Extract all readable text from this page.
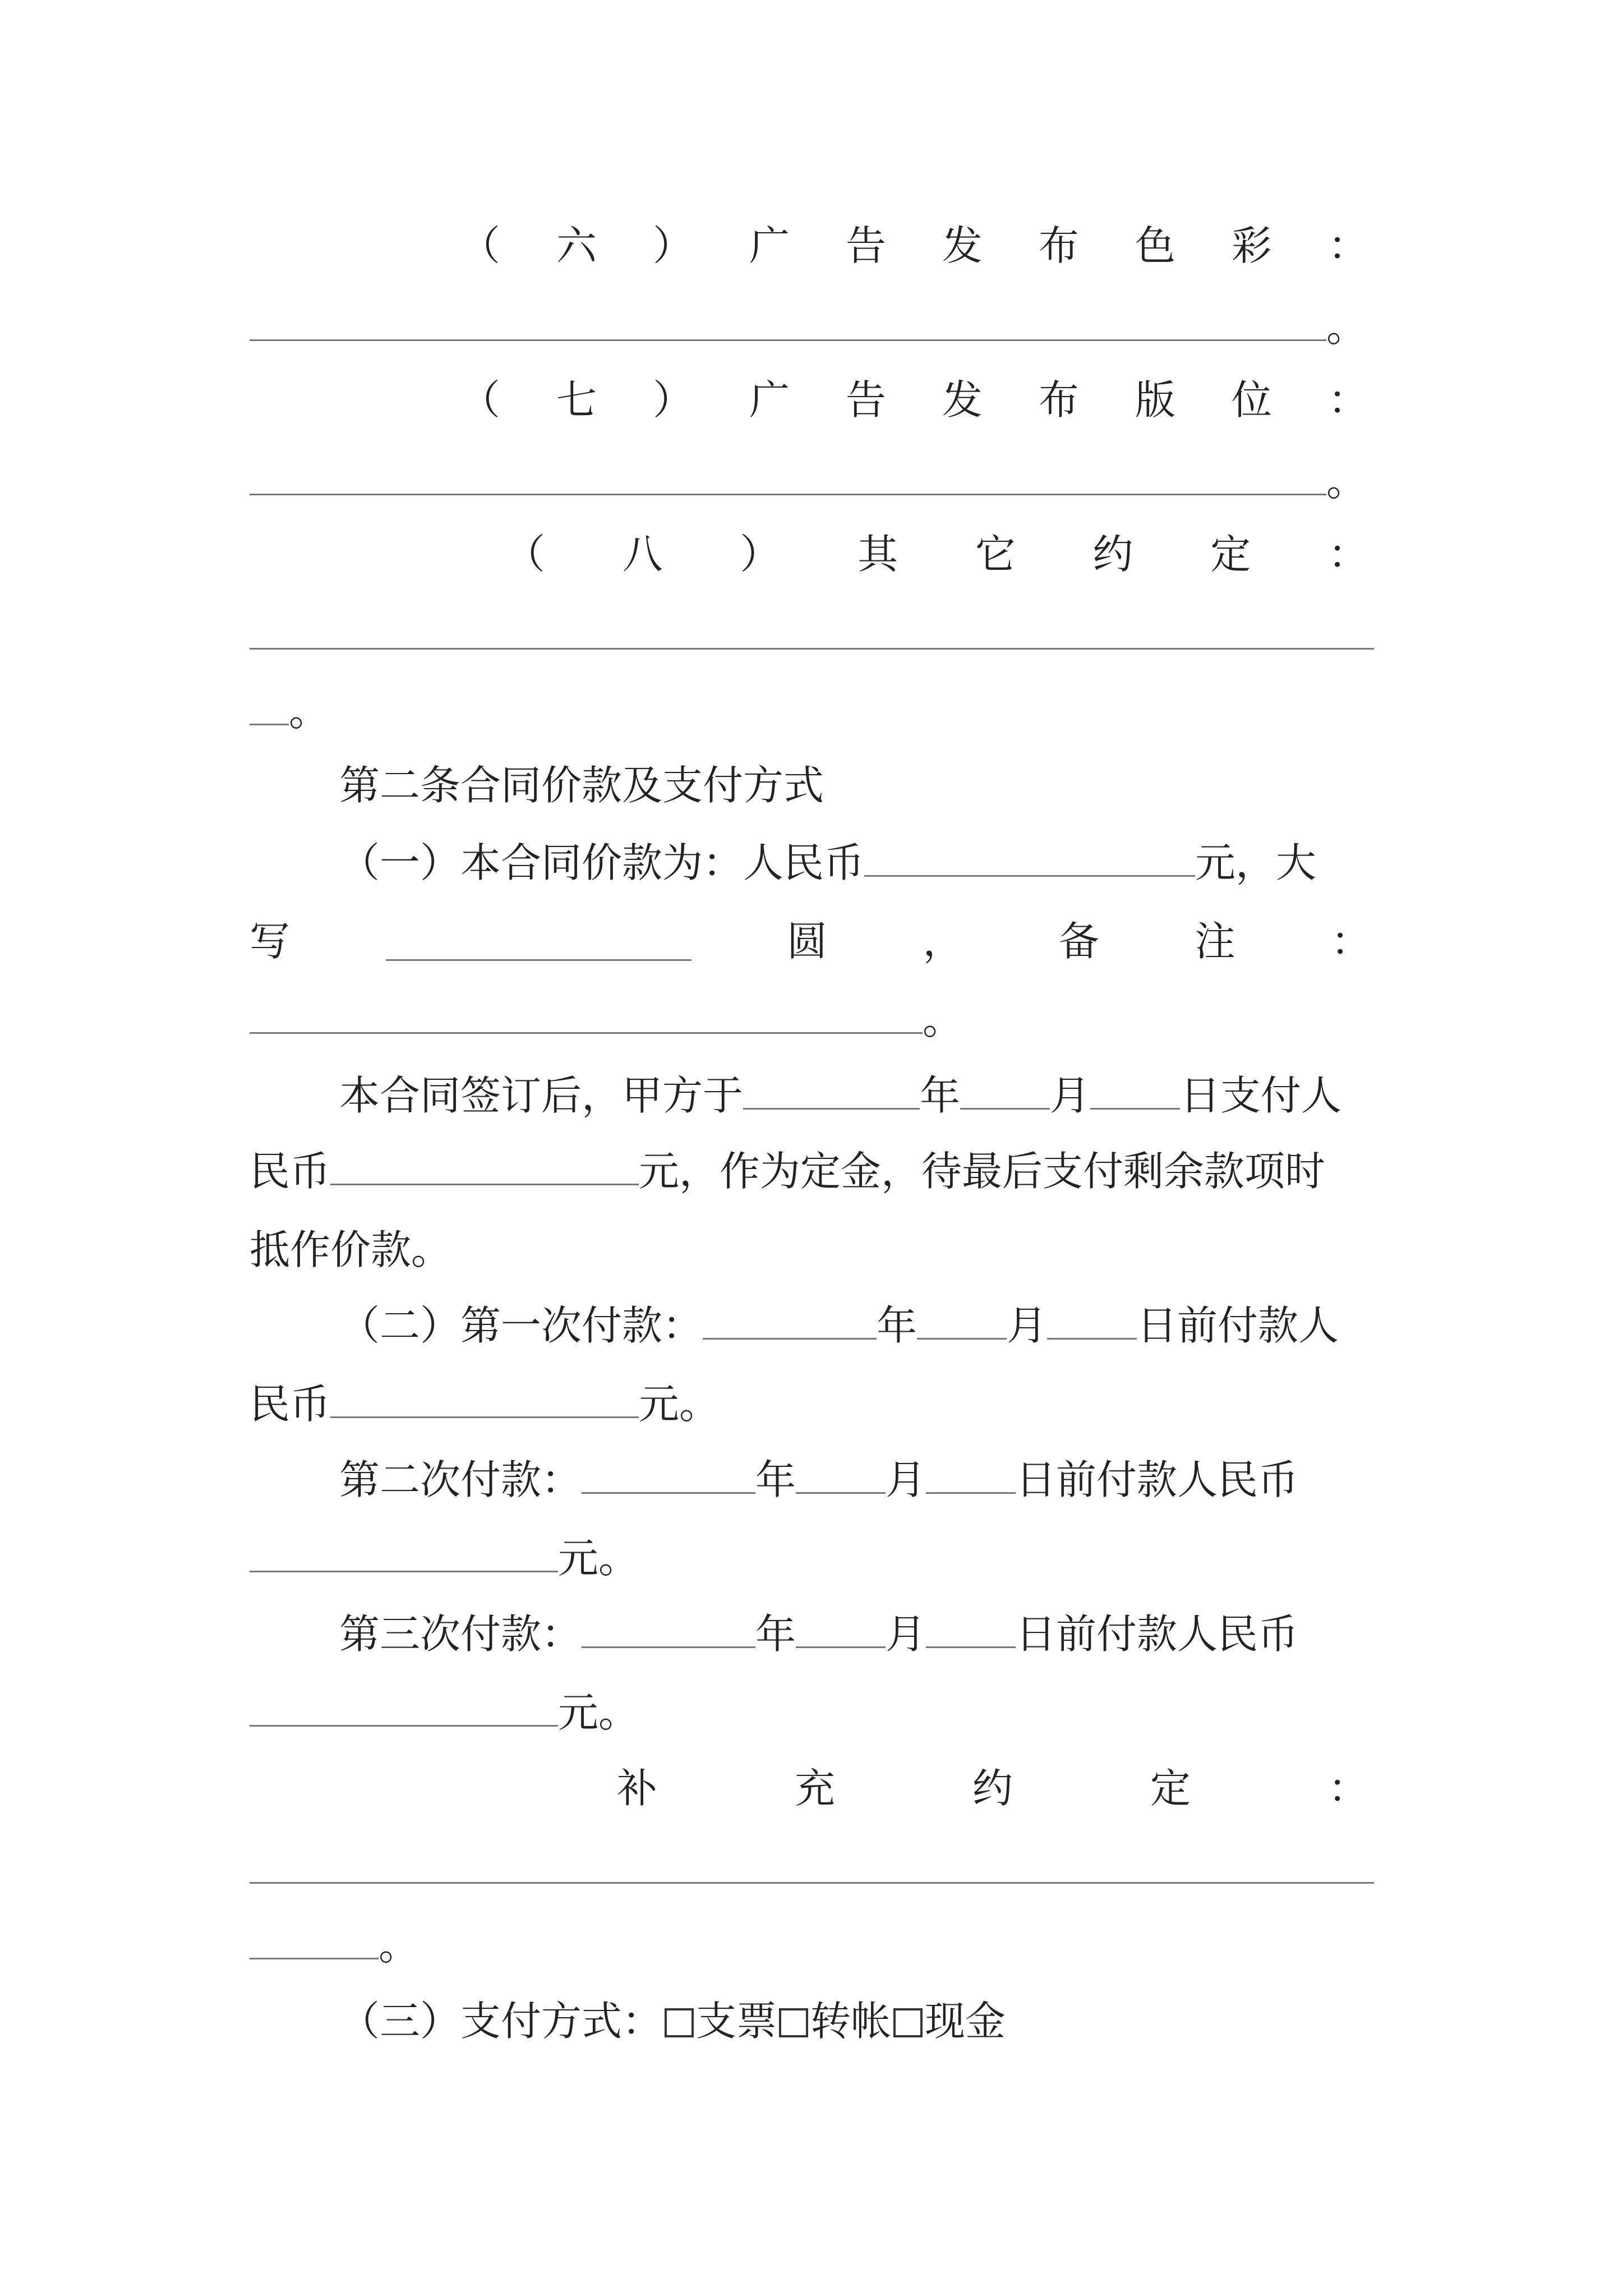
（ 六 ） 广 告 发 布 色 彩 ：
。
（ 七 ） 广 告 发 布 版 位 ：
。
（ 八 ） 其 它 约 定 ：
。
第二条合同价款及支付方式
（一）本合同价款为：人民币	元，大
写	圆 ， 备 注 ：
。
本合同签订后，甲方于	年 月 日支付人
民币	元，作为定金，待最后支付剩余款项时
抵作价款。
（二）第一次付款：	年 月 日前付款人
民币	元。
第二次付款：	年 月 日前付款人民币
元。
第三次付款：	年 月 日前付款人民币
元。
补	充	约	定	：
。
（三）支付方式： 支票 转帐 现金
